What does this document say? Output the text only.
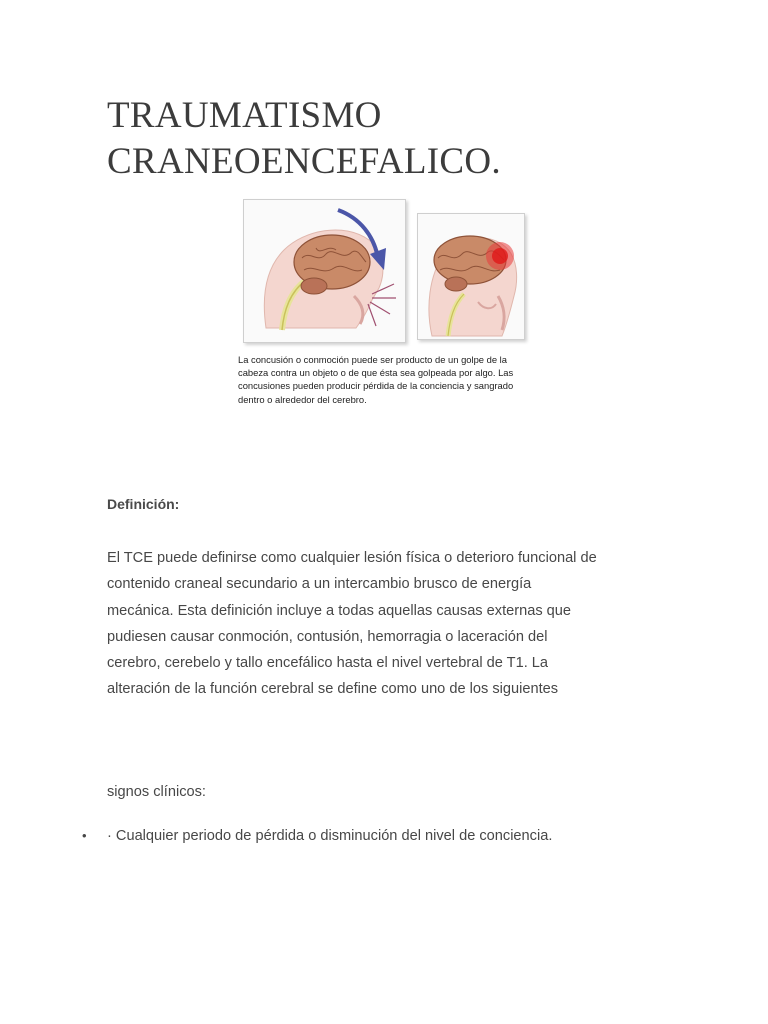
TRAUMATISMO
CRANEOENCEFALICO.

La concusión o conmoción puede ser producto de un golpe de la
cabeza contra un objeto o de que ésta sea golpeada por algo. Las
concusiones pueden producir pérdida de la conciencia y sangrado
dentro o alrededor del cerebro.

Definición:

El TCE puede definirse como cualquier lesión física o deterioro funcional de
contenido craneal secundario a un intercambio brusco de energía
mecánica. Esta definición incluye a todas aquellas causas externas que
pudiesen causar conmoción, contusión, hemorragia o laceración del
cerebro, cerebelo y tallo encefálico hasta el nivel vertebral de T1. La
alteración de la función cerebral se define como uno de los siguientes

signos clínicos:

• · Cualquier periodo de pérdida o disminución del nivel de conciencia.
